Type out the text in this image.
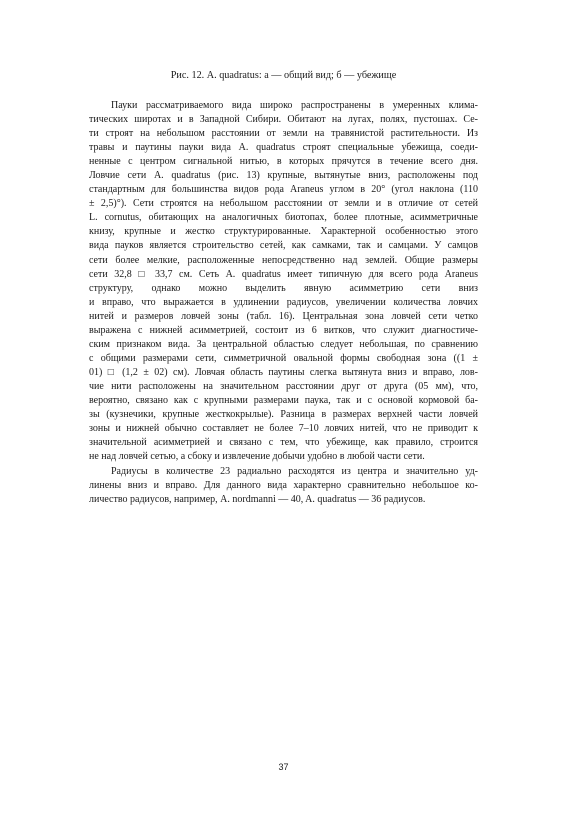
Рис. 12. A. quadratus: а — общий вид; б — убежище
Пауки рассматриваемого вида широко распространены в умеренных клима-
тических широтах и в Западной Сибири. Обитают на лугах, полях, пустошах. Се-
ти строят на небольшом расстоянии от земли на травянистой растительности. Из
травы и паутины пауки вида A. quadratus строят специальные убежища, соеди-
ненные с центром сигнальной нитью, в которых прячутся в течение всего дня.
Ловчие сети A. quadratus (рис. 13) крупные, вытянутые вниз, расположены под
стандартным для большинства видов рода Araneus углом в 20° (угол наклона (110
± 2,5)°). Сети строятся на небольшом расстоянии от земли и в отличие от сетей
L. cornutus, обитающих на аналогичных биотопах, более плотные, асимметричные
книзу, крупные и жестко структурированные. Характерной особенностью этого
вида пауков является строительство сетей, как самками, так и самцами. У самцов
сети более мелкие, расположенные непосредственно над землей. Общие размеры
сети 32,8 □ 33,7 см. Сеть A. quadratus имеет типичную для всего рода Araneus
структуру, однако можно выделить явную асимметрию сети вниз
и вправо, что выражается в удлинении радиусов, увеличении количества ловчих
нитей и размеров ловчей зоны (табл. 16). Центральная зона ловчей сети четко
выражена с нижней асимметрией, состоит из 6 витков, что служит диагностиче-
ским признаком вида. За центральной областью следует небольшая, по сравнению
с общими размерами сети, симметричной овальной формы свободная зона ((1 ±
01) □ (1,2 ± 02) см). Ловчая область паутины слегка вытянута вниз и вправо, лов-
чие нити расположены на значительном расстоянии друг от друга (05 мм), что,
вероятно, связано как с крупными размерами паука, так и с основой кормовой ба-
зы (кузнечики, крупные жесткокрылые). Разница в размерах верхней части ловчей
зоны и нижней обычно составляет не более 7–10 ловчих нитей, что не приводит к
значительной асимметрией и связано с тем, что убежище, как правило, строится
не над ловчей сетью, а сбоку и извлечение добычи удобно в любой части сети.
Радиусы в количестве 23 радиально расходятся из центра и значительно уд-
линены вниз и вправо. Для данного вида характерно сравнительно небольшое ко-
личество радиусов, например, A. nordmanni — 40, A. quadratus — 36 радиусов.
37
